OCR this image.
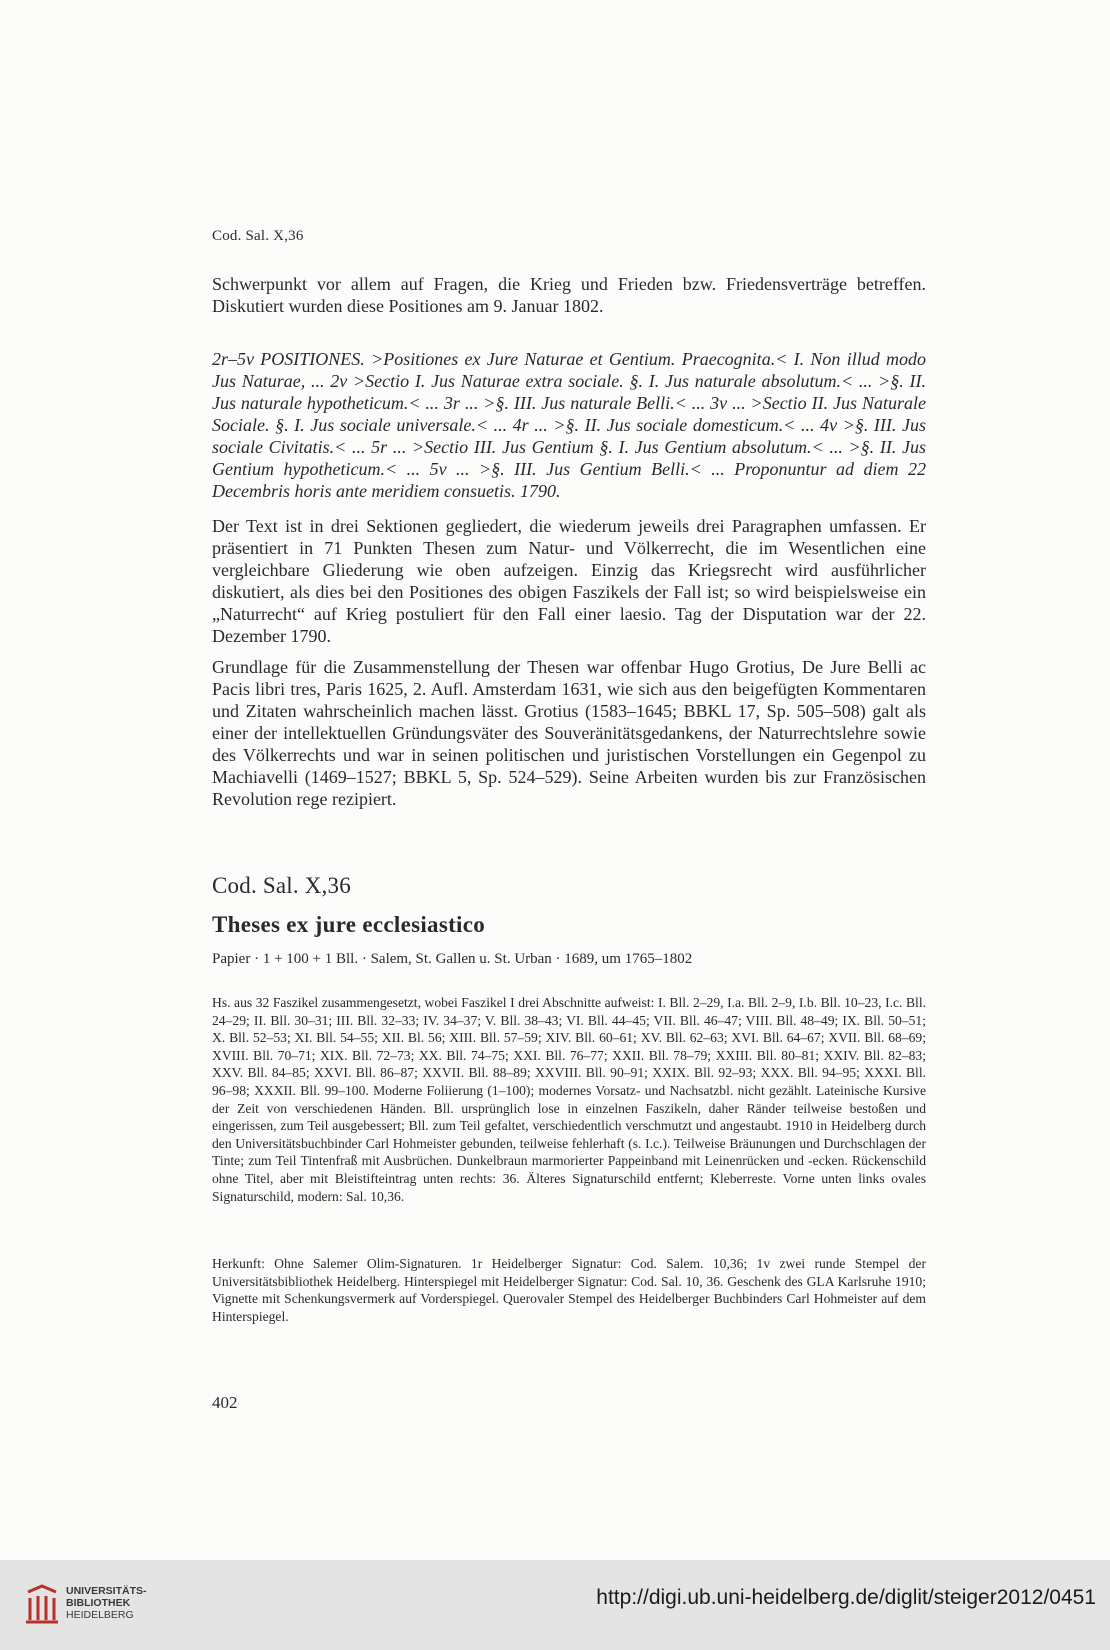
Cod. Sal. X,36

Schwerpunkt vor allem auf Fragen, die Krieg und Frieden bzw. Friedensverträge betreffen. Diskutiert wurden diese Positiones am 9. Januar 1802.

2r–5v POSITIONES. >Positiones ex Jure Naturae et Gentium. Praecognita.< I. Non illud modo Jus Naturae, ... 2v >Sectio I. Jus Naturae extra sociale. §. I. Jus naturale absolutum.< ... >§. II. Jus naturale hypotheticum.< ... 3r ... >§. III. Jus naturale Belli.< ... 3v ... >Sectio II. Jus Naturale Sociale. §. I. Jus sociale universale.< ... 4r ... >§. II. Jus sociale domesticum.< ... 4v >§. III. Jus sociale Civitatis.< ... 5r ... >Sectio III. Jus Gentium §. I. Jus Gentium absolutum.< ... >§. II. Jus Gentium hypotheticum.< ... 5v ... >§. III. Jus Gentium Belli.< ... Proponuntur ad diem 22 Decembris horis ante meridiem consuetis. 1790.

Der Text ist in drei Sektionen gegliedert, die wiederum jeweils drei Paragraphen umfassen. Er präsentiert in 71 Punkten Thesen zum Natur- und Völkerrecht, die im Wesentlichen eine vergleichbare Gliederung wie oben aufzeigen. Einzig das Kriegsrecht wird ausführlicher diskutiert, als dies bei den Positiones des obigen Faszikels der Fall ist; so wird beispielsweise ein „Naturrecht“ auf Krieg postuliert für den Fall einer laesio. Tag der Disputation war der 22. Dezember 1790.

Grundlage für die Zusammenstellung der Thesen war offenbar Hugo Grotius, De Jure Belli ac Pacis libri tres, Paris 1625, 2. Aufl. Amsterdam 1631, wie sich aus den beigefügten Kommentaren und Zitaten wahrscheinlich machen lässt. Grotius (1583–1645; BBKL 17, Sp. 505–508) galt als einer der intellektuellen Gründungsväter des Souveränitätsgedankens, der Naturrechtslehre sowie des Völkerrechts und war in seinen politischen und juristischen Vorstellungen ein Gegenpol zu Machiavelli (1469–1527; BBKL 5, Sp. 524–529). Seine Arbeiten wurden bis zur Französischen Revolution rege rezipiert.

Cod. Sal. X,36
Theses ex jure ecclesiastico
Papier · 1 + 100 + 1 Bll. · Salem, St. Gallen u. St. Urban · 1689, um 1765–1802

Hs. aus 32 Faszikel zusammengesetzt, wobei Faszikel I drei Abschnitte aufweist: I. Bll. 2–29, I.a. Bll. 2–9, I.b. Bll. 10–23, I.c. Bll. 24–29; II. Bll. 30–31; III. Bll. 32–33; IV. 34–37; V. Bll. 38–43; VI. Bll. 44–45; VII. Bll. 46–47; VIII. Bll. 48–49; IX. Bll. 50–51; X. Bll. 52–53; XI. Bll. 54–55; XII. Bl. 56; XIII. Bll. 57–59; XIV. Bll. 60–61; XV. Bll. 62–63; XVI. Bll. 64–67; XVII. Bll. 68–69; XVIII. Bll. 70–71; XIX. Bll. 72–73; XX. Bll. 74–75; XXI. Bll. 76–77; XXII. Bll. 78–79; XXIII. Bll. 80–81; XXIV. Bll. 82–83; XXV. Bll. 84–85; XXVI. Bll. 86–87; XXVII. Bll. 88–89; XXVIII. Bll. 90–91; XXIX. Bll. 92–93; XXX. Bll. 94–95; XXXI. Bll. 96–98; XXXII. Bll. 99–100. Moderne Foliierung (1–100); modernes Vorsatz- und Nachsatzbl. nicht gezählt. Lateinische Kursive der Zeit von verschiedenen Händen. Bll. ursprünglich lose in einzelnen Faszikeln, daher Ränder teilweise bestoßen und eingerissen, zum Teil ausgebessert; Bll. zum Teil gefaltet, verschiedentlich verschmutzt und angestaubt. 1910 in Heidelberg durch den Universitätsbuchbinder Carl Hohmeister gebunden, teilweise fehlerhaft (s. I.c.). Teilweise Bräunungen und Durchschlagen der Tinte; zum Teil Tintenfraß mit Ausbrüchen. Dunkelbraun marmorierter Pappeinband mit Leinenrücken und -ecken. Rückenschild ohne Titel, aber mit Bleistifteintrag unten rechts: 36. Älteres Signaturschild entfernt; Kleberreste. Vorne unten links ovales Signaturschild, modern: Sal. 10,36.

Herkunft: Ohne Salemer Olim-Signaturen. 1r Heidelberger Signatur: Cod. Salem. 10,36; 1v zwei runde Stempel der Universitätsbibliothek Heidelberg. Hinterspiegel mit Heidelberger Signatur: Cod. Sal. 10, 36. Geschenk des GLA Karlsruhe 1910; Vignette mit Schenkungsvermerk auf Vorderspiegel. Querovaler Stempel des Heidelberger Buchbinders Carl Hohmeister auf dem Hinterspiegel.

402
UNIVERSITÄTS-
BIBLIOTHEK
HEIDELBERG
http://digi.ub.uni-heidelberg.de/diglit/steiger2012/0451
